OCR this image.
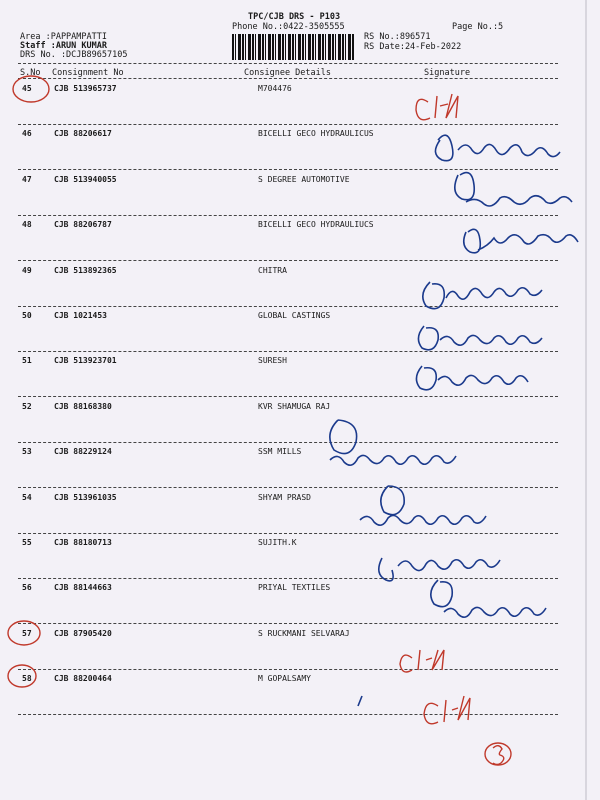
TPC/CJB DRS - P103
Phone No.:0422-3505555
RS No.:896571
Page No.:5
RS Date:24-Feb-2022
Area :PAPPAMPATTI
Staff :ARUN KUMAR
DRS No. :DCJB89657105
S.No Consignment No	Consignee Details	Signature
45	CJB 513965737	M704476
46	CJB 88206617	BICELLI GECO HYDRAULICUS
47	CJB 513940055	S DEGREE AUTOMOTIVE
48	CJB 88206787	BICELLI GECO HYDRAULIUCS
49	CJB 513892365	CHITRA
50	CJB 1021453	GLOBAL CASTINGS
51	CJB 513923701	SURESH
52	CJB 88168380	KVR SHAMUGA RAJ
53	CJB 88229124	SSM MILLS
54	CJB 513961035	SHYAM PRASD
55	CJB 88180713	SUJITH.K
56	CJB 88144663	PRIYAL TEXTILES
57	CJB 87905420	S RUCKMANI SELVARAJ
58	CJB 88200464	M GOPALSAMY
